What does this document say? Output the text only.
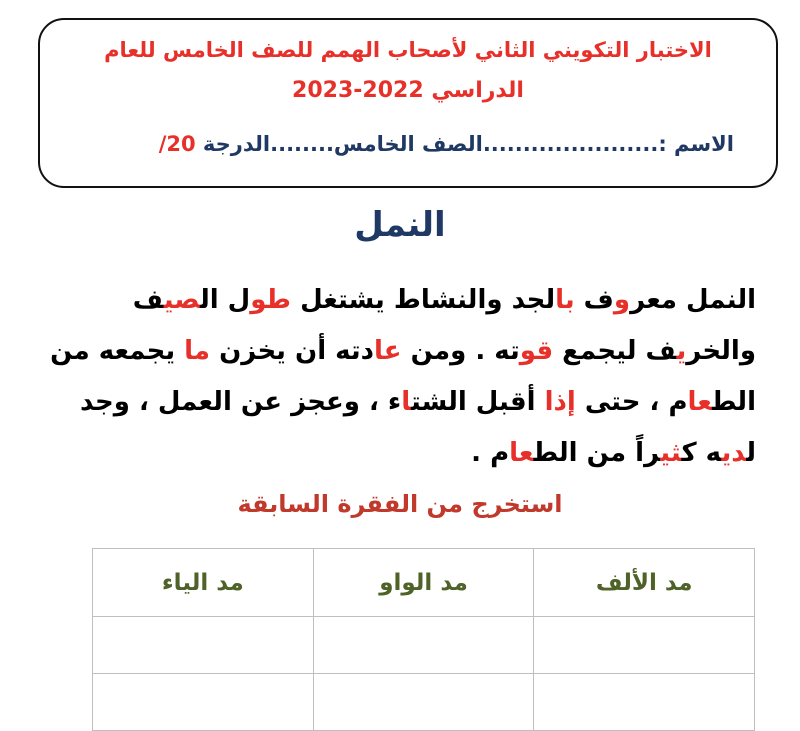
الاختبار التكويني الثاني لأصحاب الهمم للصف الخامس للعام
الدراسي 2022-2023
الاسم :......................الصف الخامس........الدرجة 20/
النمل
النمل معروف بالجد والنشاط يشتغل طول الصيف والخريف ليجمع قوته . ومن عادته أن يخزن ما يجمعه من الطعام ، حتى إذا أقبل الشتاء ، وعجز عن العمل ، وجد لديه كثيراً من الطعام .
استخرج من الفقرة السابقة
مد الألف	مد الواو	مد الياء
